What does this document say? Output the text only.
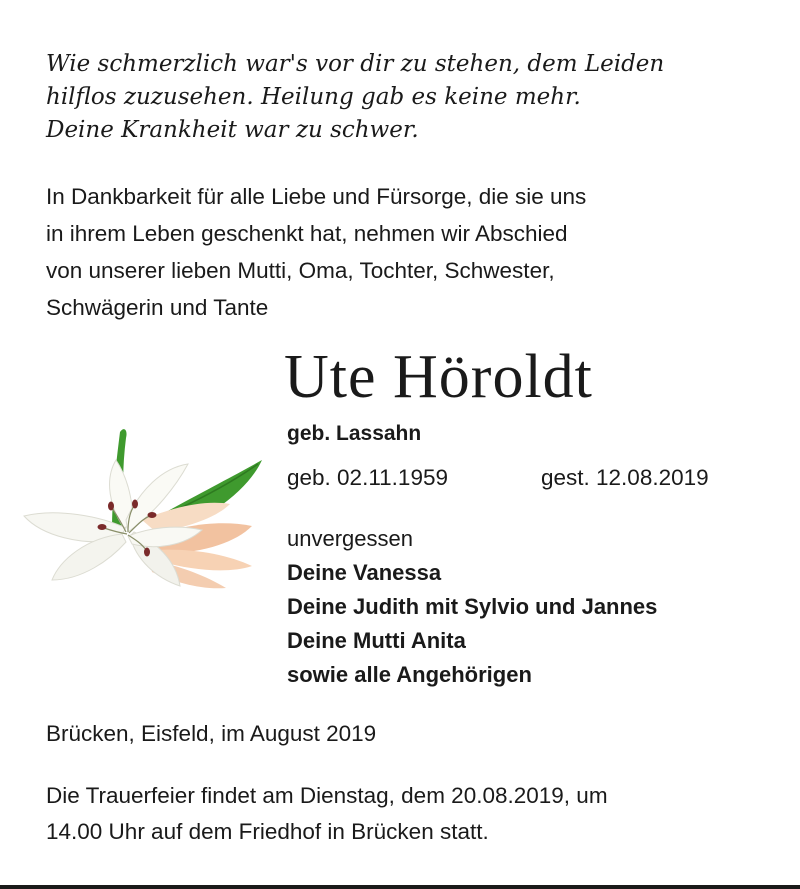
Wie schmerzlich war's vor dir zu stehen, dem Leiden
hilflos zuzusehen. Heilung gab es keine mehr.
Deine Krankheit war zu schwer.

In Dankbarkeit für alle Liebe und Fürsorge, die sie uns
in ihrem Leben geschenkt hat, nehmen wir Abschied
von unserer lieben Mutti, Oma, Tochter, Schwester,
Schwägerin und Tante

Ute Höroldt
geb. Lassahn
geb. 02.11.1959	gest. 12.08.2019
unvergessen
Deine Vanessa
Deine Judith mit Sylvio und Jannes
Deine Mutti Anita
sowie alle Angehörigen
Brücken, Eisfeld, im August 2019

Die Trauerfeier findet am Dienstag, dem 20.08.2019, um
14.00 Uhr auf dem Friedhof in Brücken statt.
